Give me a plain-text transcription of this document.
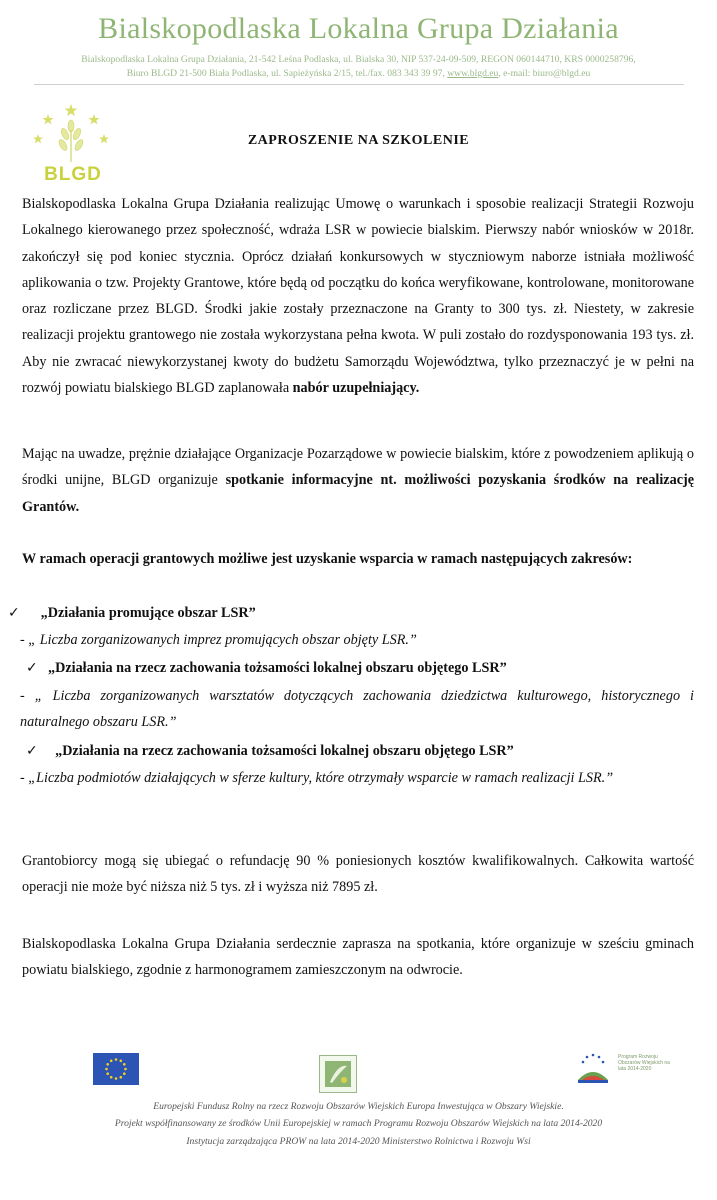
Bialskopodlaska Lokalna Grupa Działania
Bialskopodlaska Lokalna Grupa Działania, 21-542 Leśna Podlaska, ul. Bialska 30, NIP 537-24-09-509, REGON 060144710, KRS 0000258796,
Biuro BLGD 21-500 Biała Podlaska, ul. Sapieżyńska 2/15, tel./fax. 083 343 39 97, www.blgd.eu, e-mail: biuro@blgd.eu
BLGD
ZAPROSZENIE NA SZKOLENIE

Bialskopodlaska Lokalna Grupa Działania realizując Umowę o warunkach i sposobie realizacji Strategii Rozwoju Lokalnego kierowanego przez społeczność, wdraża LSR w powiecie bialskim. Pierwszy nabór wniosków w 2018r. zakończył się pod koniec stycznia. Oprócz działań konkursowych w styczniowym naborze istniała możliwość aplikowania o tzw. Projekty Grantowe, które będą od początku do końca weryfikowane, kontrolowane, monitorowane oraz rozliczane przez BLGD. Środki jakie zostały przeznaczone na Granty to 300 tys. zł. Niestety, w zakresie realizacji projektu grantowego nie została wykorzystana pełna kwota. W puli zostało do rozdysponowania 193 tys. zł. Aby nie zwracać niewykorzystanej kwoty do budżetu Samorządu Województwa, tylko przeznaczyć je w pełni na rozwój powiatu bialskiego BLGD zaplanowała nabór uzupełniający.

Mając na uwadze, prężnie działające Organizacje Pozarządowe w powiecie bialskim, które z powodzeniem aplikują o środki unijne, BLGD organizuje spotkanie informacyjne nt. możliwości pozyskania środków na realizację Grantów.

W ramach operacji grantowych możliwe jest uzyskanie wsparcia w ramach następujących zakresów:

✓ „Działania promujące obszar LSR”

- „ Liczba zorganizowanych imprez promujących obszar objęty LSR.”

✓ „Działania na rzecz zachowania tożsamości lokalnej obszaru objętego LSR”

- „ Liczba zorganizowanych warsztatów dotyczących zachowania dziedzictwa kulturowego, historycznego i naturalnego obszaru LSR.”

✓ „Działania na rzecz zachowania tożsamości lokalnej obszaru objętego LSR”

- „Liczba podmiotów działających w sferze kultury, które otrzymały wsparcie w ramach realizacji LSR.”

Grantobiorcy mogą się ubiegać o refundację 90 % poniesionych kosztów kwalifikowalnych. Całkowita wartość operacji nie może być niższa niż 5 tys. zł i wyższa niż 7895 zł.

Bialskopodlaska Lokalna Grupa Działania serdecznie zaprasza na spotkania, które organizuje w sześciu gminach powiatu bialskiego, zgodnie z harmonogramem zamieszczonym na odwrocie.

Program Rozwoju Obszarów Wiejskich na lata 2014-2020
Europejski Fundusz Rolny na rzecz Rozwoju Obszarów Wiejskich Europa Inwestująca w Obszary Wiejskie.
Projekt współfinansowany ze środków Unii Europejskiej w ramach Programu Rozwoju Obszarów Wiejskich na lata 2014-2020
Instytucja zarządzająca PROW na lata 2014-2020 Ministerstwo Rolnictwa i Rozwoju Wsi
